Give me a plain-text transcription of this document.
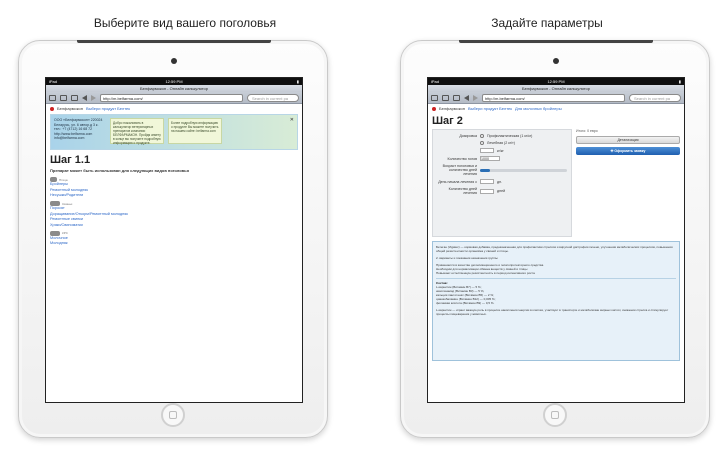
Выберите вид вашего поголовья	Задайте параметры
iPad	12:59 PM	▮
Белфармокон - Онлайн калькулятор
http://m.belfarma.com/	Search in current pa
Белфармокон Выбери продукт Белтек
ООО «Белфармокон» 220024 Беларусь, ул. 6 автор.д 3 к. тел.: +7 (4712) 16 68 72 http://www.belfarma.com info@belfarma.com
Добро пожаловать в калькулятор ветеринарных препаратов компании БЕЛФАРМАКОН. Пройдя анкету в конце вы получите подробную информацию о продукте.
Более подробную информацию о продукте Вы можете получить на нашем сайте: belfarma.com
✕
Шаг 1.1
Препарат может быть использован для следующих видов поголовья
Птица
Бройлеры
Ремонтный молодняк
Несушки/Родители
Свиньи
Поросят
Доращивание/Откорм/Ремонтный молодняк
Ремонтные свинки
Хряки/Свиноматки
КРС
Молочное
Молодняк
iPad	12:59 PM	▮
Белфармокон - Онлайн калькулятор
http://m.belfarma.com/	Search in current pa
Белфармокон Выбери продукт Белтек Для молочных бройлеры
Шаг 2
Дозировка	Профилактическая (1 кг/кг)
Лечебная (2 кг/т)
кг/кг
Количество голов 1000
Возраст поголовья и количество дней лечения
День начала лечения с	дн.
Количество дней лечения	дней
Итого: 0 евро
Детализация
✚ Оформить заявку
Бетеган (Vigatec) — кормовая добавка, предназначенная для профилактики стрессов и вирусной дистрофии печени, улучшения метаболических процессов, повышения общей резистентности организма у свиней и птицы.
2. варианты и показания назначения группы
Применяется в качестве детоксикационного и гепатопротекторного средства
Необходим для нормализации обмена веществ у свиней и птицы
Повышает естественную резистентность в период интенсивного роста
Состав:
L-карнитин (Витамин В7) — 5 %;
никотинамид (Витамин В3) — 5 %;
кальция пантотенат (Витамин В5) — 2 %;
цианкобаламин (Витамин В12) — 0,005 %;
фолиевая кислота (Витамин В9) — 0,5 %.
L-карнитин — играет важную роль в процессе накопления энергии в клетках, участвует в транспорте и метаболизме жирных кислот, снижении стресса и стимулирует процессы пищеварения у животных.
